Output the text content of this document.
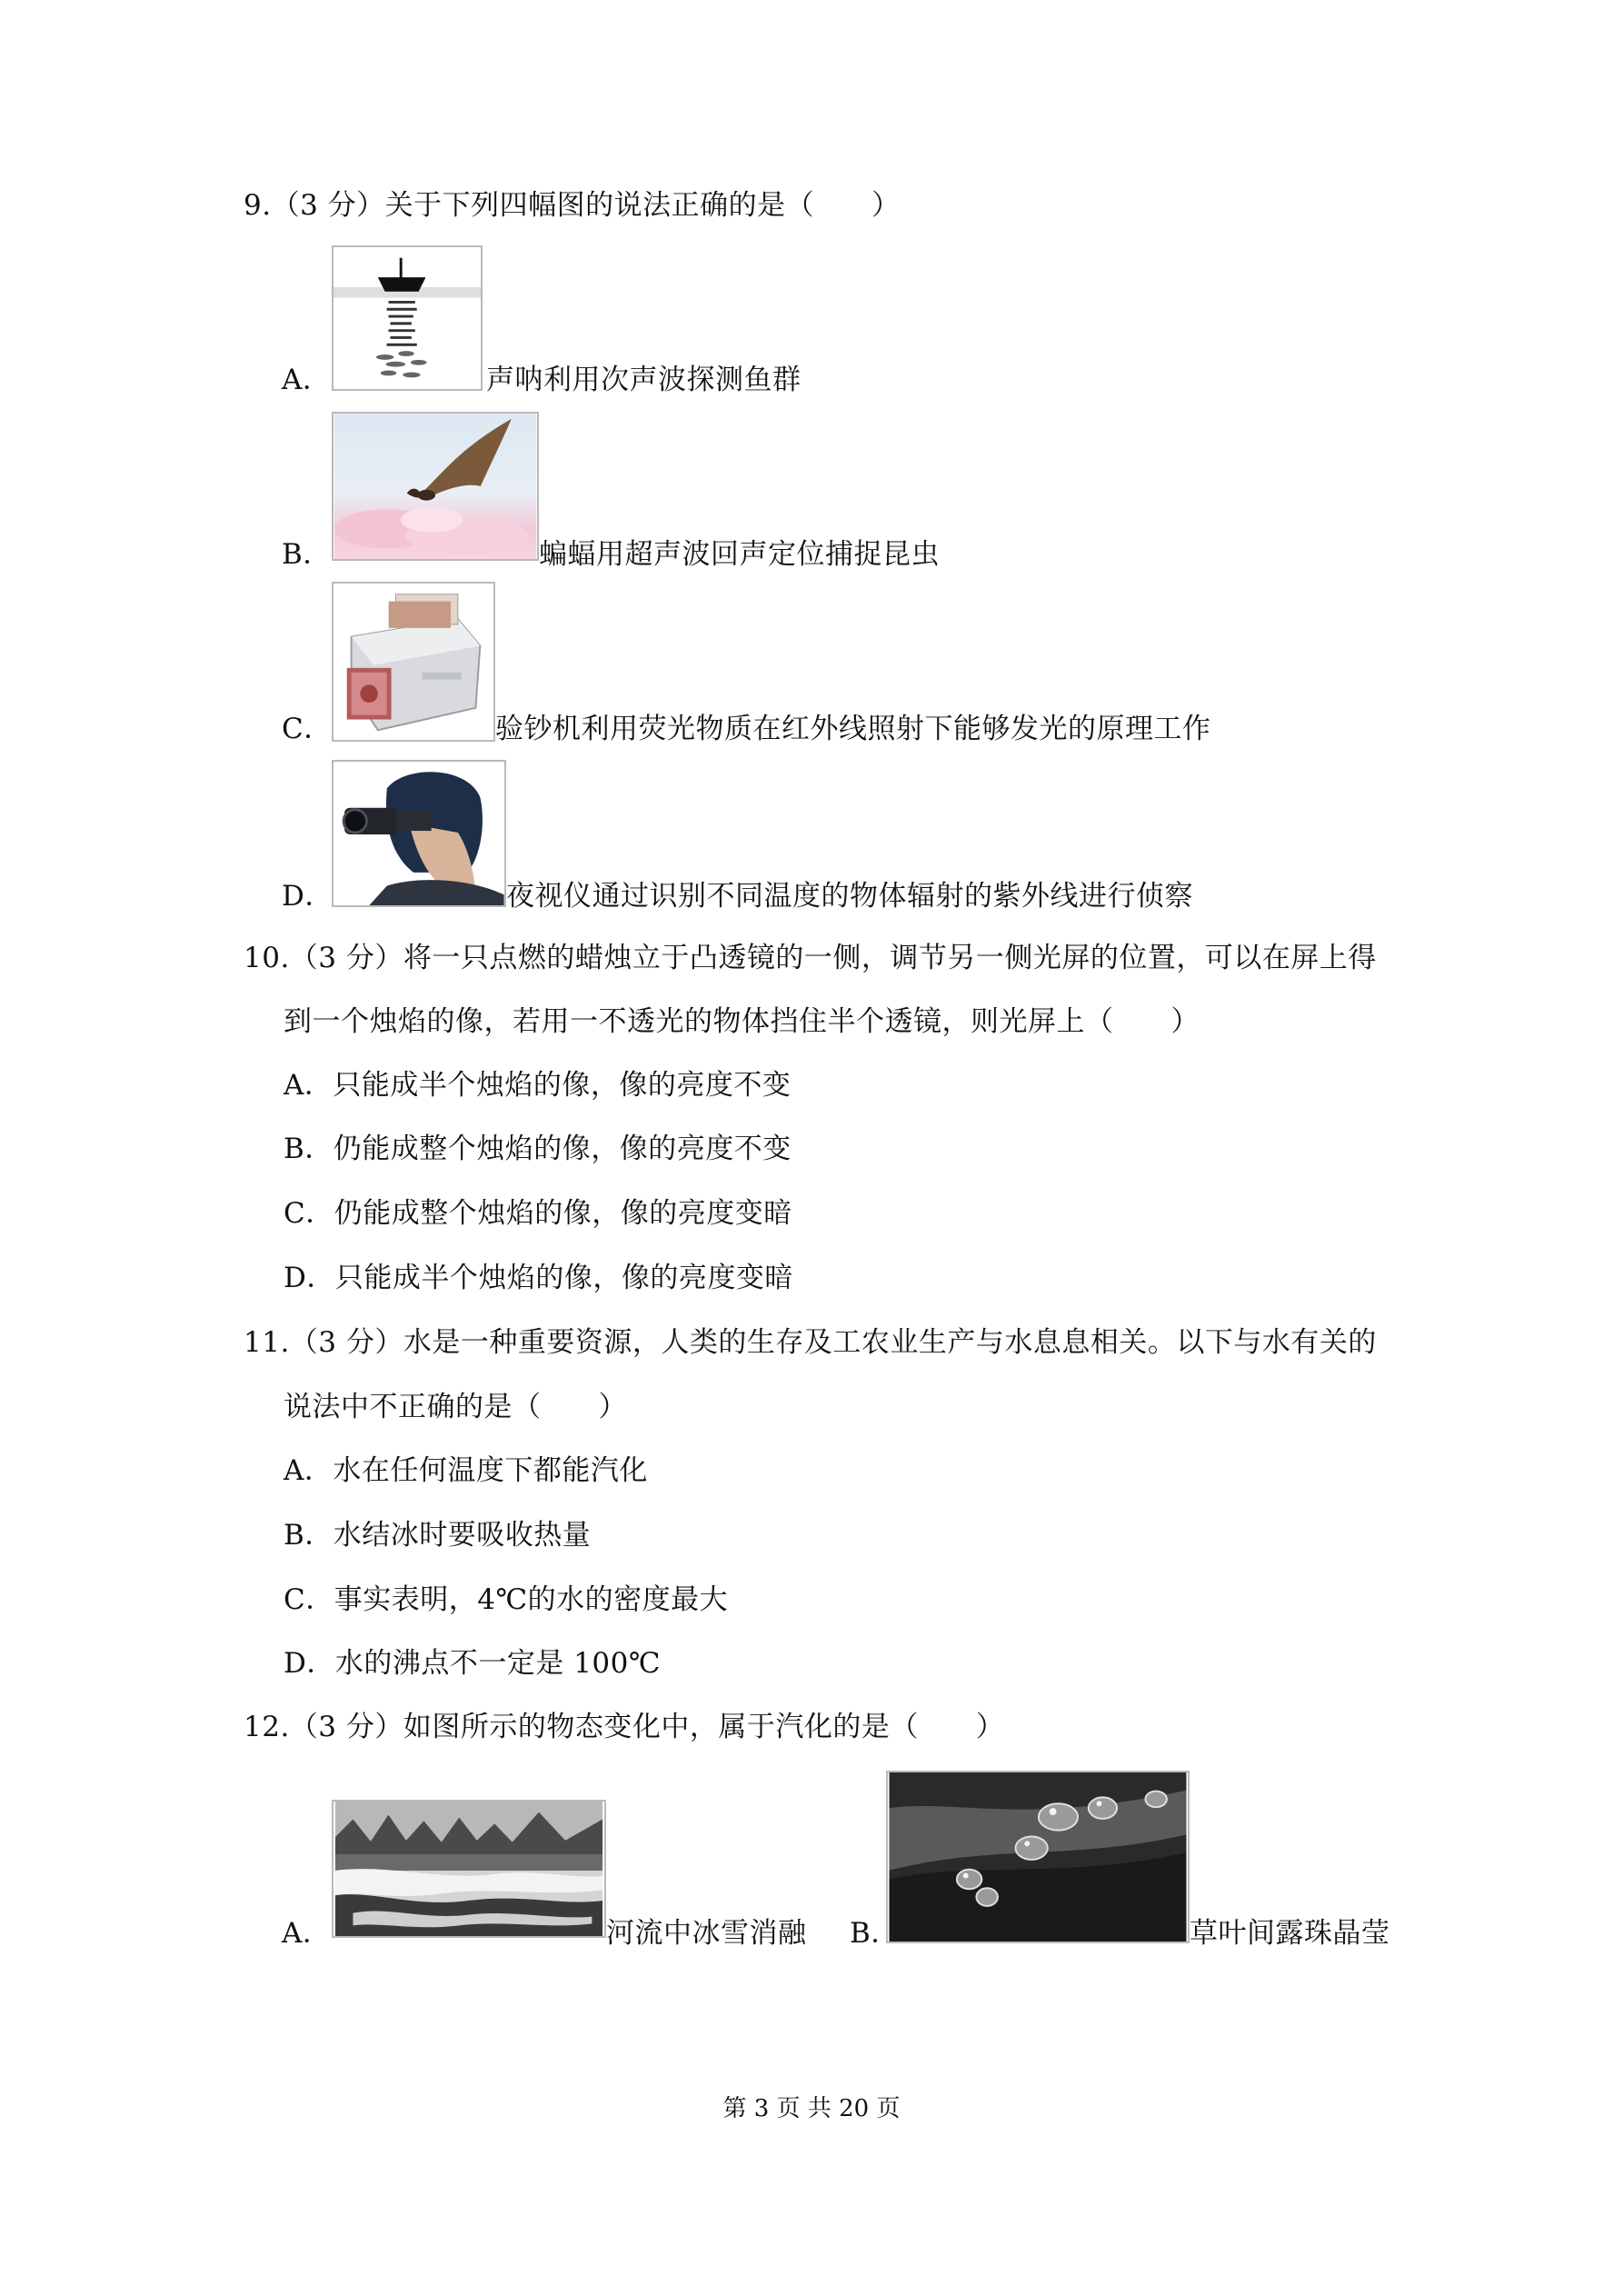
9.（3 分）关于下列四幅图的说法正确的是（　　）
A．	声呐利用次声波探测鱼群
B．	蝙蝠用超声波回声定位捕捉昆虫
C．	验钞机利用荧光物质在红外线照射下能够发光的原理工作
D．	夜视仪通过识别不同温度的物体辐射的紫外线进行侦察
10.（3 分）将一只点燃的蜡烛立于凸透镜的一侧，调节另一侧光屏的位置，可以在屏上得
到一个烛焰的像，若用一不透光的物体挡住半个透镜，则光屏上（　　）
A．只能成半个烛焰的像，像的亮度不变
B．仍能成整个烛焰的像，像的亮度不变
C．仍能成整个烛焰的像，像的亮度变暗
D．只能成半个烛焰的像，像的亮度变暗
11.（3 分）水是一种重要资源，人类的生存及工农业生产与水息息相关。以下与水有关的
说法中不正确的是（　　）
A．水在任何温度下都能汽化
B．水结冰时要吸收热量
C．事实表明，4℃的水的密度最大
D．水的沸点不一定是 100℃
12.（3 分）如图所示的物态变化中，属于汽化的是（　　）
A．	河流中冰雪消融 B．	草叶间露珠晶莹
第 3 页 共 20 页
